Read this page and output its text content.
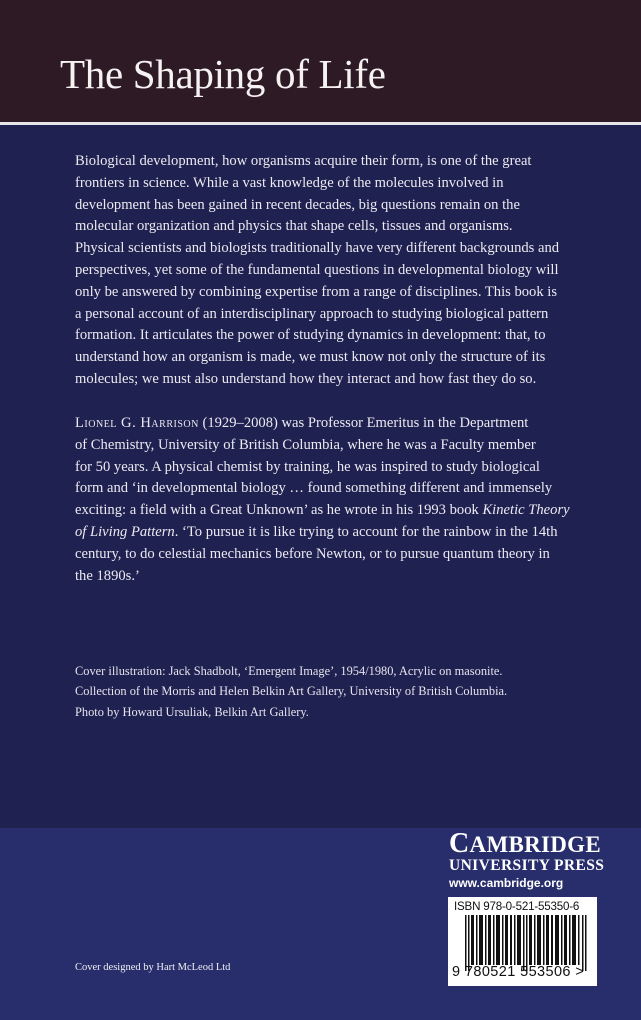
The Shaping of Life
Biological development, how organisms acquire their form, is one of the great
frontiers in science. While a vast knowledge of the molecules involved in
development has been gained in recent decades, big questions remain on the
molecular organization and physics that shape cells, tissues and organisms.
Physical scientists and biologists traditionally have very different backgrounds and
perspectives, yet some of the fundamental questions in developmental biology will
only be answered by combining expertise from a range of disciplines. This book is
a personal account of an interdisciplinary approach to studying biological pattern
formation. It articulates the power of studying dynamics in development: that, to
understand how an organism is made, we must know not only the structure of its
molecules; we must also understand how they interact and how fast they do so.
Lionel G. Harrison (1929–2008) was Professor Emeritus in the Department
of Chemistry, University of British Columbia, where he was a Faculty member
for 50 years. A physical chemist by training, he was inspired to study biological
form and ‘in developmental biology … found something different and immensely
exciting: a field with a Great Unknown’ as he wrote in his 1993 book Kinetic Theory
of Living Pattern. ‘To pursue it is like trying to account for the rainbow in the 14th
century, to do celestial mechanics before Newton, or to pursue quantum theory in
the 1890s.’
Cover illustration: Jack Shadbolt, ‘Emergent Image’, 1954/1980, Acrylic on masonite.
Collection of the Morris and Helen Belkin Art Gallery, University of British Columbia.
Photo by Howard Ursuliak, Belkin Art Gallery.
CAMBRIDGE
UNIVERSITY PRESS
www.cambridge.org
ISBN 978-0-521-55350-6
9 780521 553506 >
Cover designed by Hart McLeod Ltd
